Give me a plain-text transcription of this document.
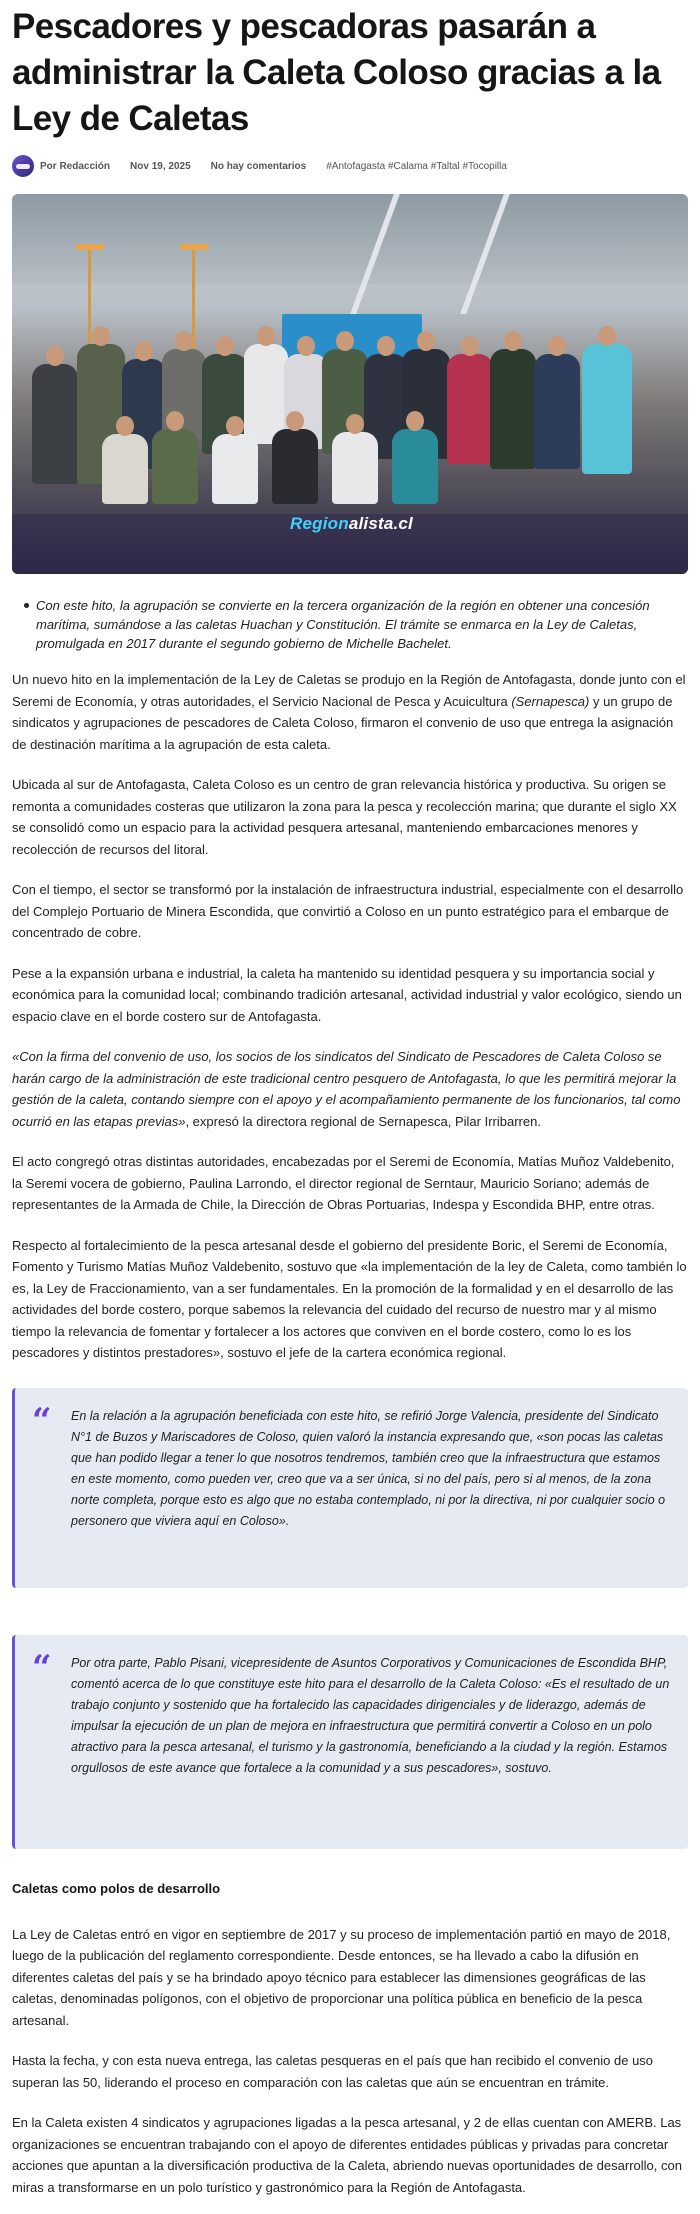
Pescadores y pescadoras pasarán a administrar la Caleta Coloso gracias a la Ley de Caletas
Por Redacción Nov 19, 2025 No hay comentarios #Antofagasta #Calama #Taltal #Tocopilla
Regionalista.cl

Con este hito, la agrupación se convierte en la tercera organización de la región en obtener una concesión marítima, sumándose a las caletas Huachan y Constitución. El trámite se enmarca en la Ley de Caletas, promulgada en 2017 durante el segundo gobierno de Michelle Bachelet.

Un nuevo hito en la implementación de la Ley de Caletas se produjo en la Región de Antofagasta, donde junto con el Seremi de Economía, y otras autoridades, el Servicio Nacional de Pesca y Acuicultura (Sernapesca) y un grupo de sindicatos y agrupaciones de pescadores de Caleta Coloso, firmaron el convenio de uso que entrega la asignación de destinación marítima a la agrupación de esta caleta.

Ubicada al sur de Antofagasta, Caleta Coloso es un centro de gran relevancia histórica y productiva. Su origen se remonta a comunidades costeras que utilizaron la zona para la pesca y recolección marina; que durante el siglo XX se consolidó como un espacio para la actividad pesquera artesanal, manteniendo embarcaciones menores y recolección de recursos del litoral.

Con el tiempo, el sector se transformó por la instalación de infraestructura industrial, especialmente con el desarrollo del Complejo Portuario de Minera Escondida, que convirtió a Coloso en un punto estratégico para el embarque de concentrado de cobre.

Pese a la expansión urbana e industrial, la caleta ha mantenido su identidad pesquera y su importancia social y económica para la comunidad local; combinando tradición artesanal, actividad industrial y valor ecológico, siendo un espacio clave en el borde costero sur de Antofagasta.

«Con la firma del convenio de uso, los socios de los sindicatos del Sindicato de Pescadores de Caleta Coloso se harán cargo de la administración de este tradicional centro pesquero de Antofagasta, lo que les permitirá mejorar la gestión de la caleta, contando siempre con el apoyo y el acompañamiento permanente de los funcionarios, tal como ocurrió en las etapas previas», expresó la directora regional de Sernapesca, Pilar Irribarren.

El acto congregó otras distintas autoridades, encabezadas por el Seremi de Economía, Matías Muñoz Valdebenito, la Seremi vocera de gobierno, Paulina Larrondo, el director regional de Serntaur, Mauricio Soriano; además de representantes de la Armada de Chile, la Dirección de Obras Portuarias, Indespa y Escondida BHP, entre otras.

Respecto al fortalecimiento de la pesca artesanal desde el gobierno del presidente Boric, el Seremi de Economía, Fomento y Turismo Matías Muñoz Valdebenito, sostuvo que «la implementación de la ley de Caleta, como también lo es, la Ley de Fraccionamiento, van a ser fundamentales. En la promoción de la formalidad y en el desarrollo de las actividades del borde costero, porque sabemos la relevancia del cuidado del recurso de nuestro mar y al mismo tiempo la relevancia de fomentar y fortalecer a los actores que conviven en el borde costero, como lo es los pescadores y distintos prestadores», sostuvo el jefe de la cartera económica regional.

“ En la relación a la agrupación beneficiada con este hito, se refirió Jorge Valencia, presidente del Sindicato N°1 de Buzos y Mariscadores de Coloso, quien valoró la instancia expresando que, «son pocas las caletas que han podido llegar a tener lo que nosotros tendremos, también creo que la infraestructura que estamos en este momento, como pueden ver, creo que va a ser única, si no del país, pero si al menos, de la zona norte completa, porque esto es algo que no estaba contemplado, ni por la directiva, ni por cualquier socio o personero que viviera aquí en Coloso».
“ Por otra parte, Pablo Pisani, vicepresidente de Asuntos Corporativos y Comunicaciones de Escondida BHP, comentó acerca de lo que constituye este hito para el desarrollo de la Caleta Coloso: «Es el resultado de un trabajo conjunto y sostenido que ha fortalecido las capacidades dirigenciales y de liderazgo, además de impulsar la ejecución de un plan de mejora en infraestructura que permitirá convertir a Coloso en un polo atractivo para la pesca artesanal, el turismo y la gastronomía, beneficiando a la ciudad y la región. Estamos orgullosos de este avance que fortalece a la comunidad y a sus pescadores», sostuvo.
Caletas como polos de desarrollo

La Ley de Caletas entró en vigor en septiembre de 2017 y su proceso de implementación partió en mayo de 2018, luego de la publicación del reglamento correspondiente. Desde entonces, se ha llevado a cabo la difusión en diferentes caletas del país y se ha brindado apoyo técnico para establecer las dimensiones geográficas de las caletas, denominadas polígonos, con el objetivo de proporcionar una política pública en beneficio de la pesca artesanal.

Hasta la fecha, y con esta nueva entrega, las caletas pesqueras en el país que han recibido el convenio de uso superan las 50, liderando el proceso en comparación con las caletas que aún se encuentran en trámite.

En la Caleta existen 4 sindicatos y agrupaciones ligadas a la pesca artesanal, y 2 de ellas cuentan con AMERB. Las organizaciones se encuentran trabajando con el apoyo de diferentes entidades públicas y privadas para concretar acciones que apuntan a la diversificación productiva de la Caleta, abriendo nuevas oportunidades de desarrollo, con miras a transformarse en un polo turístico y gastronómico para la Región de Antofagasta.
